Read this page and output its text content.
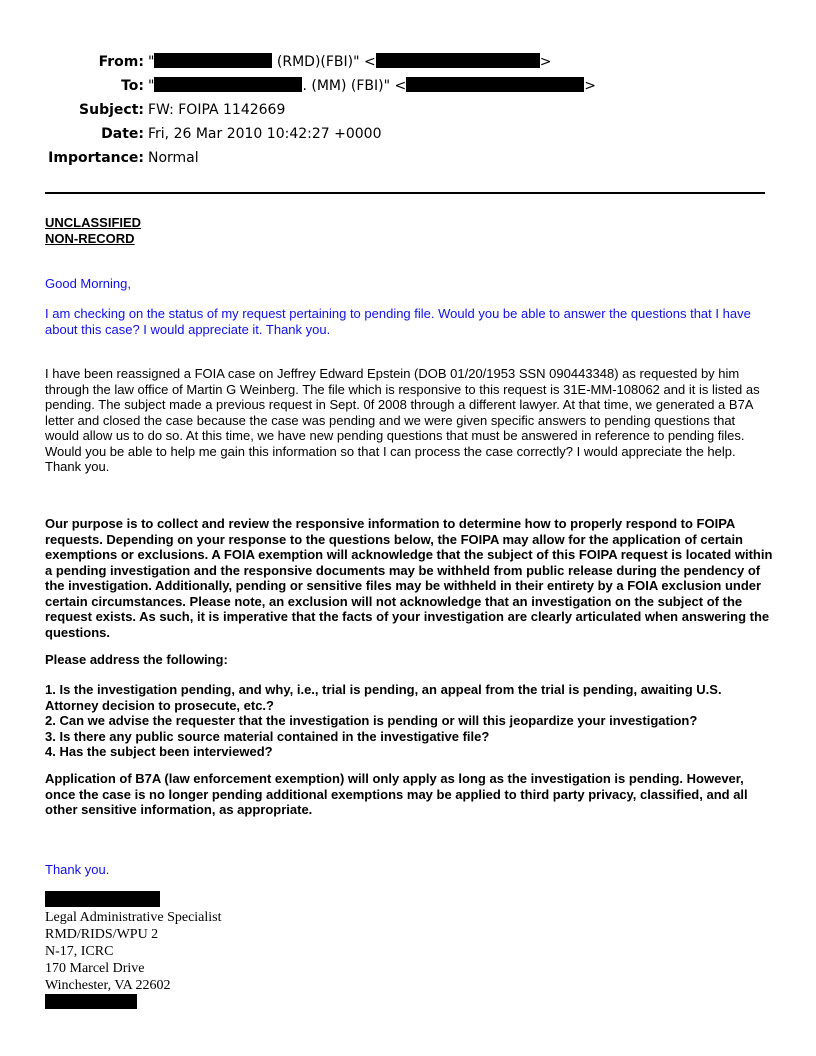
From: "	(RMD)(FBI)" <	>
To: "	. (MM) (FBI)" <	>
Subject: FW: FOIPA 1142669
Date: Fri, 26 Mar 2010 10:42:27 +0000
Importance: Normal
UNCLASSIFIED
NON-RECORD
Good Morning,
I am checking on the status of my request pertaining to pending file. Would you be able to answer the questions that I have about this case? I would appreciate it. Thank you.
I have been reassigned a FOIA case on Jeffrey Edward Epstein (DOB 01/20/1953 SSN 090443348) as requested by him through the law office of Martin G Weinberg. The file which is responsive to this request is 31E-MM-108062 and it is listed as pending. The subject made a previous request in Sept. 0f 2008 through a different lawyer. At that time, we generated a B7A letter and closed the case because the case was pending and we were given specific answers to pending questions that would allow us to do so. At this time, we have new pending questions that must be answered in reference to pending files. Would you be able to help me gain this information so that I can process the case correctly? I would appreciate the help. Thank you.
Our purpose is to collect and review the responsive information to determine how to properly respond to FOIPA requests. Depending on your response to the questions below, the FOIPA may allow for the application of certain exemptions or exclusions. A FOIA exemption will acknowledge that the subject of this FOIPA request is located within a pending investigation and the responsive documents may be withheld from public release during the pendency of the investigation. Additionally, pending or sensitive files may be withheld in their entirety by a FOIA exclusion under certain circumstances. Please note, an exclusion will not acknowledge that an investigation on the subject of the request exists. As such, it is imperative that the facts of your investigation are clearly articulated when answering the questions.
Please address the following:
1. Is the investigation pending, and why, i.e., trial is pending, an appeal from the trial is pending, awaiting U.S. Attorney decision to prosecute, etc.?
2. Can we advise the requester that the investigation is pending or will this jeopardize your investigation?
3. Is there any public source material contained in the investigative file?
4. Has the subject been interviewed?
Application of B7A (law enforcement exemption) will only apply as long as the investigation is pending. However, once the case is no longer pending additional exemptions may be applied to third party privacy, classified, and all other sensitive information, as appropriate.
Thank you.
Legal Administrative Specialist
RMD/RIDS/WPU 2
N-17, ICRC
170 Marcel Drive
Winchester, VA 22602
